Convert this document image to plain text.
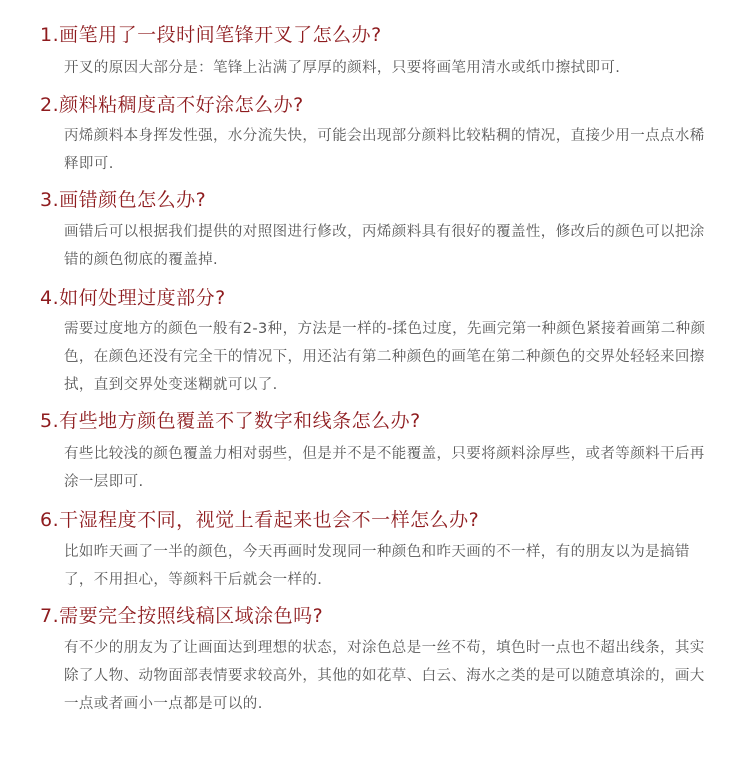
1.画笔用了一段时间笔锋开叉了怎么办?

开叉的原因大部分是：笔锋上沾满了厚厚的颜料，只要将画笔用清水或纸巾擦拭即可.

2.颜料粘稠度高不好涂怎么办?

丙烯颜料本身挥发性强，水分流失快，可能会出现部分颜料比较粘稠的情况，直接少用一点点水稀释即可.

3.画错颜色怎么办?

画错后可以根据我们提供的对照图进行修改，丙烯颜料具有很好的覆盖性，修改后的颜色可以把涂错的颜色彻底的覆盖掉.

4.如何处理过度部分?

需要过度地方的颜色一般有2-3种，方法是一样的-揉色过度，先画完第一种颜色紧接着画第二种颜色，在颜色还没有完全干的情况下，用还沾有第二种颜色的画笔在第二种颜色的交界处轻轻来回擦拭，直到交界处变迷糊就可以了.

5.有些地方颜色覆盖不了数字和线条怎么办?

有些比较浅的颜色覆盖力相对弱些，但是并不是不能覆盖，只要将颜料涂厚些，或者等颜料干后再涂一层即可.

6.干湿程度不同，视觉上看起来也会不一样怎么办?

比如昨天画了一半的颜色，今天再画时发现同一种颜色和昨天画的不一样，有的朋友以为是搞错了，不用担心，等颜料干后就会一样的.

7.需要完全按照线稿区域涂色吗?

有不少的朋友为了让画面达到理想的状态，对涂色总是一丝不苟，填色时一点也不超出线条，其实除了人物、动物面部表情要求较高外，其他的如花草、白云、海水之类的是可以随意填涂的，画大一点或者画小一点都是可以的.
